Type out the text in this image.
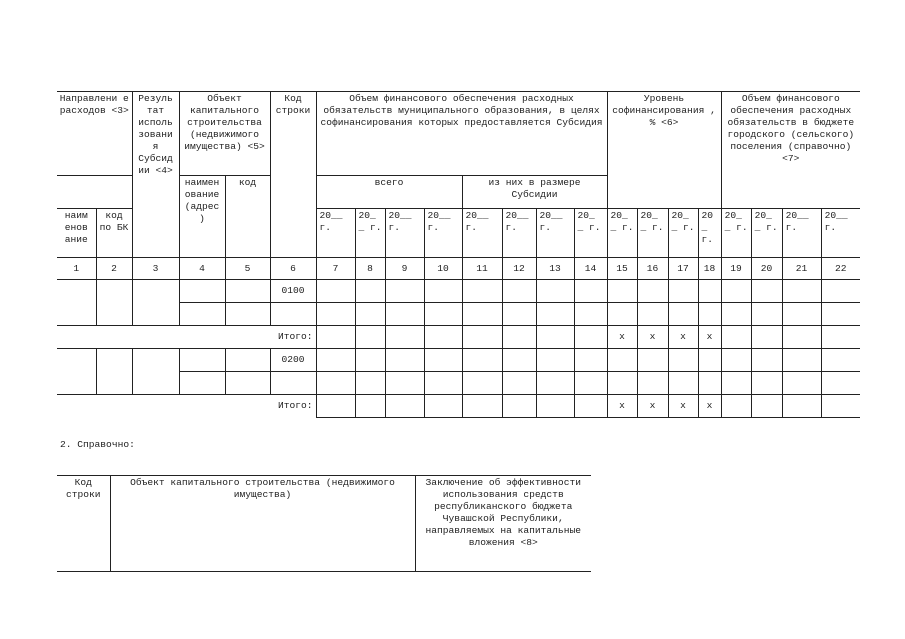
Направлени е расходов <3>		Резуль тат исполь зовани я Субсид ии <4>	Объект капитального строительства (недвижимого имущества) <5>		Код строки	Объем финансового обеспечения расходных обязательств муниципального образования, в целях софинансирования которых предоставляется Субсидия								Уровень софинансирования , % <6>				Объем финансового обеспечения расходных обязательств в бюджете городского (сельского) поселения (справочно) <7>			
			наимен ование (адрес )	код		всего				из них в размере Субсидии											
наим енов ание	код по БК					20__ г.	20_ _ г.	20__ г.	20__ г.	20__ г.	20__ г.	20__ г.	20_ _ г.	20_ _ г.	20_ _ г.	20_ _ г.	20 _ г.	20_ _ г.	20_ _ г.	20__ г.	20__ г.
1	2	3	4	5	6	7	8	9	10	11	12	13	14	15	16	17	18	19	20	21	22
					0100																

Итого:														x	x	x	x				
					0200																

Итого:														x	x	x	x				
2. Справочно:
Код строки	Объект капитального строительства (недвижимого имущества)	Заключение об эффективности использования средств республиканского бюджета Чувашской Республики, направляемых на капитальные вложения <8>
